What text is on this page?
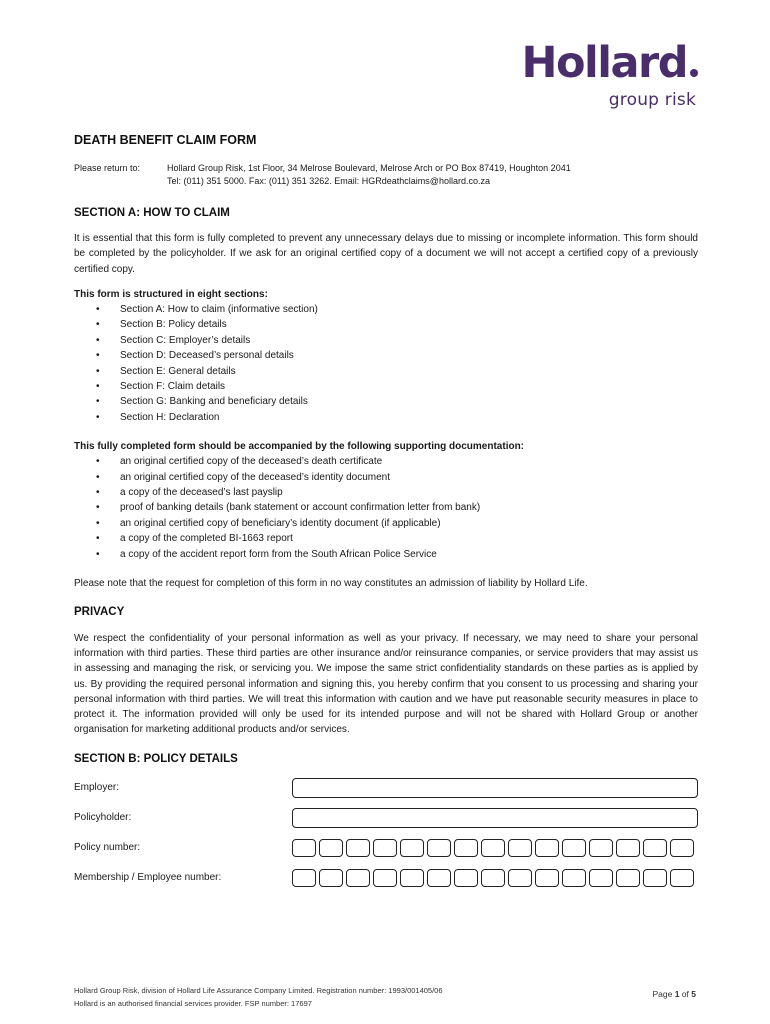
Hollard
group risk
DEATH BENEFIT CLAIM FORM
Please return to:	Hollard Group Risk, 1st Floor, 34 Melrose Boulevard, Melrose Arch or PO Box 87419, Houghton 2041
Tel: (011) 351 5000. Fax: (011) 351 3262. Email: HGRdeathclaims@hollard.co.za
SECTION A: HOW TO CLAIM

It is essential that this form is fully completed to prevent any unnecessary delays due to missing or incomplete information. This form should be completed by the policyholder. If we ask for an original certified copy of a document we will not accept a certified copy of a previously certified copy.

This form is structured in eight sections:

• Section A: How to claim (informative section)
• Section B: Policy details
• Section C: Employer’s details
• Section D: Deceased’s personal details
• Section E: General details
• Section F: Claim details
• Section G: Banking and beneficiary details
• Section H: Declaration

This fully completed form should be accompanied by the following supporting documentation:

• an original certified copy of the deceased’s death certificate
• an original certified copy of the deceased’s identity document
• a copy of the deceased’s last payslip
• proof of banking details (bank statement or account confirmation letter from bank)
• an original certified copy of beneficiary’s identity document (if applicable)
• a copy of the completed BI-1663 report
• a copy of the accident report form from the South African Police Service

Please note that the request for completion of this form in no way constitutes an admission of liability by Hollard Life.

PRIVACY

We respect the confidentiality of your personal information as well as your privacy. If necessary, we may need to share your personal information with third parties. These third parties are other insurance and/or reinsurance companies, or service providers that may assist us in assessing and managing the risk, or servicing you. We impose the same strict confidentiality standards on these parties as is applied by us. By providing the required personal information and signing this, you hereby confirm that you consent to us processing and sharing your personal information with third parties. We will treat this information with caution and we have put reasonable security measures in place to protect it. The information provided will only be used for its intended purpose and will not be shared with Hollard Group or another organisation for marketing additional products and/or services.

SECTION B: POLICY DETAILS
Employer:
Policyholder:
Policy number:
Membership / Employee number:
Hollard Group Risk, division of Hollard Life Assurance Company Limited. Registration number: 1993/001405/06
Hollard is an authorised financial services provider. FSP number: 17697
Page 1 of 5
